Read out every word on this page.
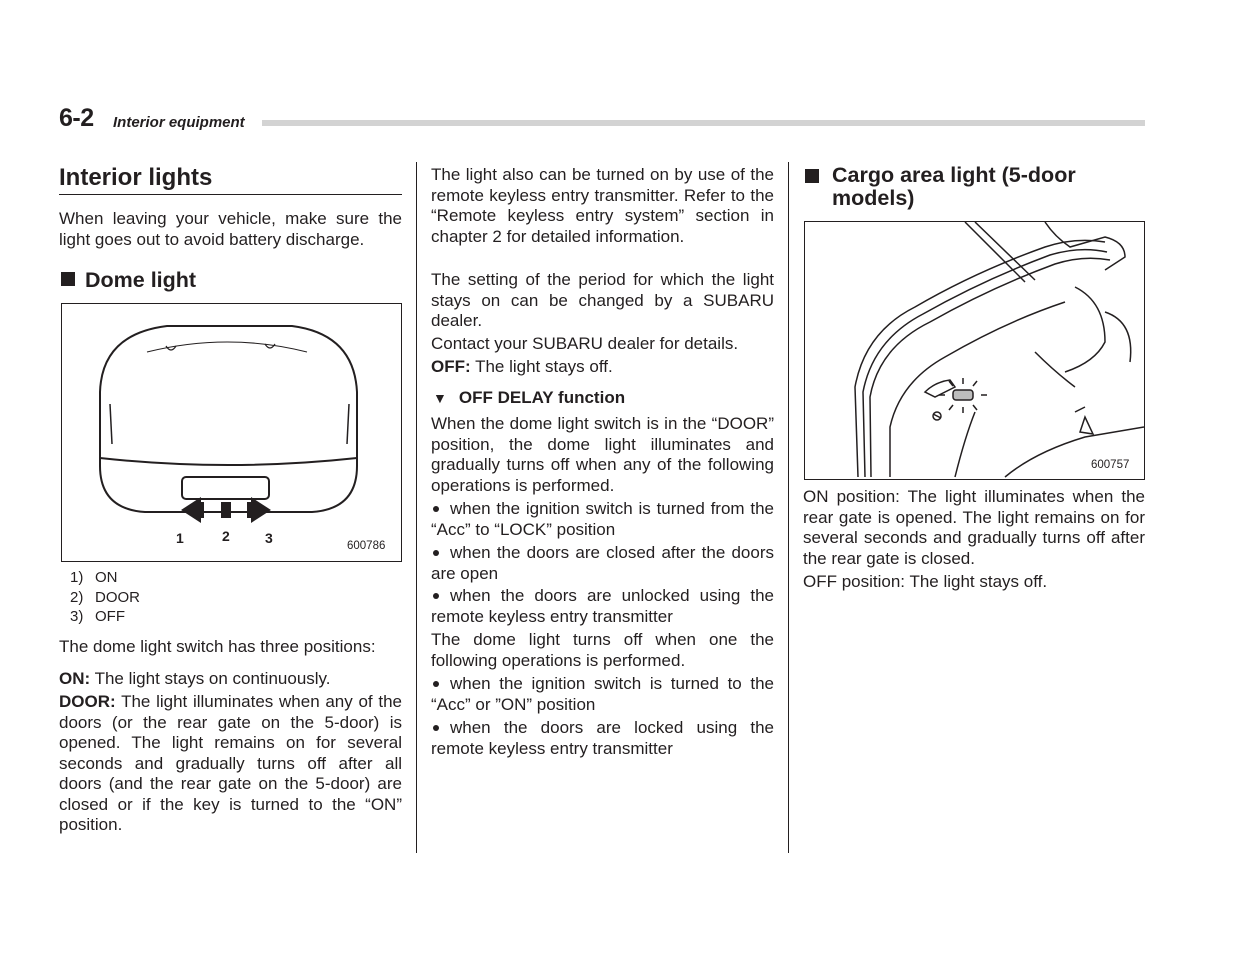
6-2 Interior equipment
Interior lights

When leaving your vehicle, make sure the light goes out to avoid battery discharge.

Dome light
1	2	3	600786
1) ON
2) DOOR
3) OFF

The dome light switch has three positions:

ON: The light stays on continuously.

DOOR: The light illuminates when any of the doors (or the rear gate on the 5-door) is opened. The light remains on for several seconds and gradually turns off after all doors (and the rear gate on the 5-door) are closed or if the key is turned to the “ON” position.

The light also can be turned on by use of the remote keyless entry transmitter. Refer to the “Remote keyless entry system” section in chapter 2 for detailed information.

The setting of the period for which the light stays on can be changed by a SUBARU dealer.

Contact your SUBARU dealer for details.

OFF: The light stays off.

▼ OFF DELAY function

When the dome light switch is in the “DOOR” position, the dome light illuminates and gradually turns off when any of the following operations is performed.

when the ignition switch is turned from the “Acc” to “LOCK” position
when the doors are closed after the doors are open
when the doors are unlocked using the remote keyless entry transmitter

The dome light turns off when one the following operations is performed.

when the ignition switch is turned to the “Acc” or ”ON” position
when the doors are locked using the remote keyless entry transmitter
Cargo area light (5-door models)
600757

ON position: The light illuminates when the rear gate is opened. The light remains on for several seconds and gradually turns off after the rear gate is closed.

OFF position: The light stays off.
